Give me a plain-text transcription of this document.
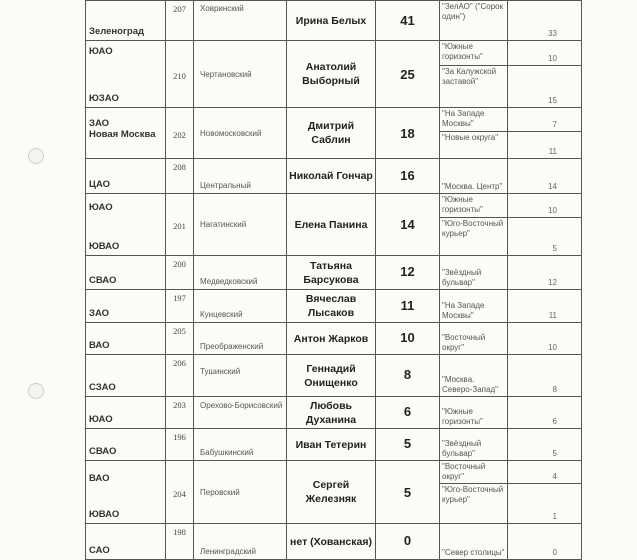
Зеленоград	207	Ховринский	Ирина Белых	41	"ЗелАО" ("Сорок один")	33

ЮАО
ЮЗАО	210	Чертановский	Анатолий Выборный	25	"Южные горизонты"	10
					"За Калужской заставой"	15

ЗАО
Новая Москва	202	Новомосковский	Дмитрий Саблин	18	"На Западе Москвы"	7
					"Новые округа"	11

ЦАО	208	Центральный	Николай Гончар	16	"Москва. Центр"	14

ЮАО
ЮВАО	201	Нагатинский	Елена Панина	14	"Южные горизонты"	10
					"Юго-Восточный курьер"	5

СВАО	200	Медведковский	Татьяна Барсукова	12	"Звёздный бульвар"	12

ЗАО	197	Кунцевский	Вячеслав Лысаков	11	"На Западе Москвы"	11

ВАО	205	Преображенский	Антон Жарков	10	"Восточный округ"	10

СЗАО	206	Тушинский	Геннадий Онищенко	8	"Москва. Северо-Запад"	8

ЮАО	203	Орехово-Борисовский	Любовь Духанина	6	"Южные горизонты"	6

СВАО	196	Бабушкинский	Иван Тетерин	5	"Звёздный бульвар"	5

ВАО
ЮВАО	204	Перовский	Сергей Железняк	5	"Восточный округ"	4
					"Юго-Восточный курьер"	1

САО	198	Ленинградский	нет (Хованская)	0	"Север столицы"	0
